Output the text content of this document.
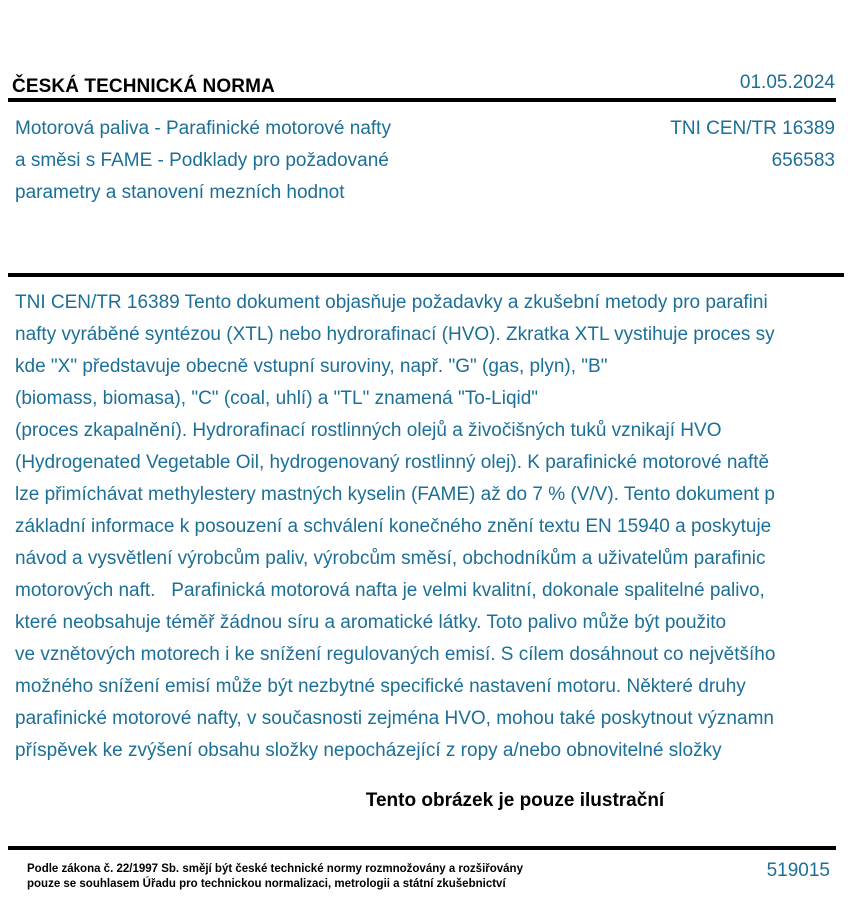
ČESKÁ TECHNICKÁ NORMA	01.05.2024
Motorová paliva - Parafinické motorové nafty
a směsi s FAME - Podklady pro požadované
parametry a stanovení mezních hodnot
TNI CEN/TR 16389
656583
TNI CEN/TR 16389 Tento dokument objasňuje požadavky a zkušební metody pro parafini
nafty vyráběné syntézou (XTL) nebo hydrorafinací (HVO). Zkratka XTL vystihuje proces sy
kde "X" představuje obecně vstupní suroviny, např. "G" (gas, plyn), "B"
(biomass, biomasa), "C" (coal, uhlí) a "TL" znamená "To-Liqid"
(proces zkapalnění). Hydrorafinací rostlinných olejů a živočišných tuků vznikají HVO
(Hydrogenated Vegetable Oil, hydrogenovaný rostlinný olej). K parafinické motorové naftě
lze přimíchávat methylestery mastných kyselin (FAME) až do 7 % (V/V). Tento dokument p
základní informace k posouzení a schválení konečného znění textu EN 15940 a poskytuje
návod a vysvětlení výrobcům paliv, výrobcům směsí, obchodníkům a uživatelům parafinic
motorových naft.   Parafinická motorová nafta je velmi kvalitní, dokonale spalitelné palivo,
které neobsahuje téměř žádnou síru a aromatické látky. Toto palivo může být použito
ve vznětových motorech i ke snížení regulovaných emisí. S cílem dosáhnout co největšího
možného snížení emisí může být nezbytné specifické nastavení motoru. Některé druhy
parafinické motorové nafty, v současnosti zejména HVO, mohou také poskytnout významn
příspěvek ke zvýšení obsahu složky nepocházející z ropy a/nebo obnovitelné složky
Tento obrázek je pouze ilustrační
Podle zákona č. 22/1997 Sb. smějí být české technické normy rozmnožovány a rozšiřovány
pouze se souhlasem Úřadu pro technickou normalizaci, metrologii a státní zkušebnictví
519015
